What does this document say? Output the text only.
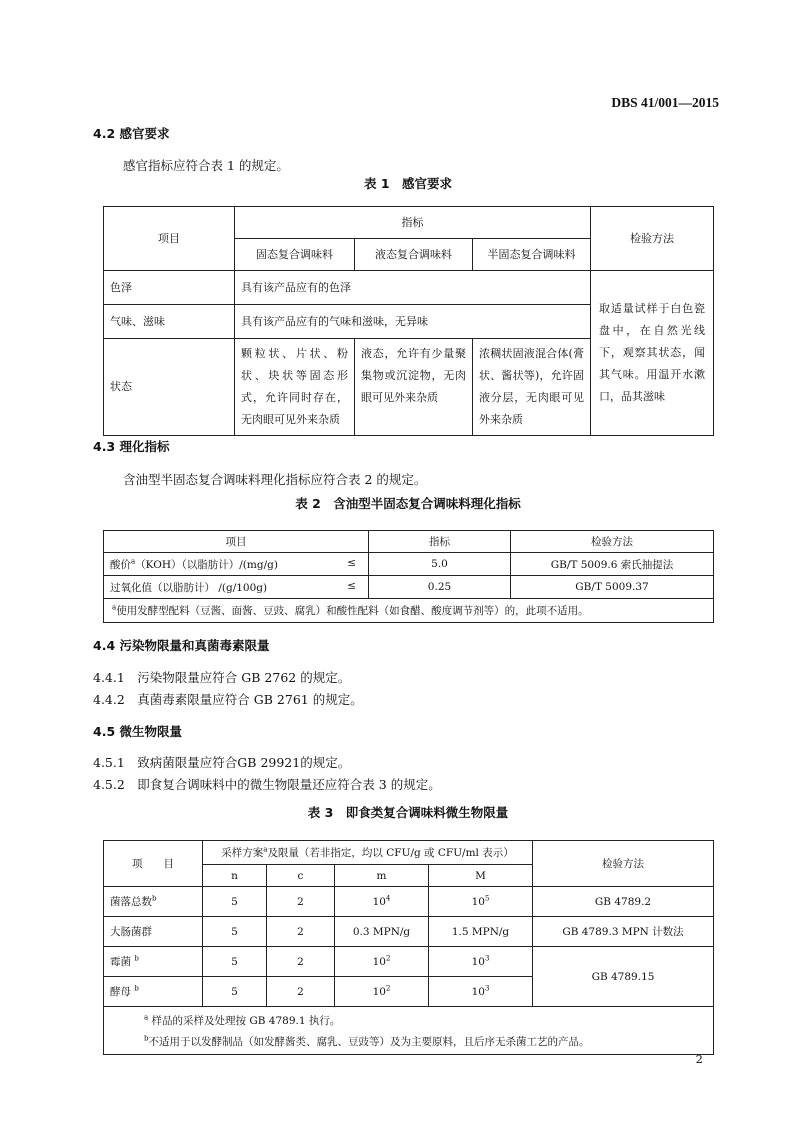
DBS 41/001—2015
4.2 感官要求
感官指标应符合表 1 的规定。
表 1　感官要求
项目	指标			检验方法
	固态复合调味料	液态复合调味料	半固态复合调味料	
色泽	具有该产品应有的色泽			取适量试样于白色瓷盘中，在自然光线下，观察其状态，闻其气味。用温开水漱口，品其滋味
气味、滋味	具有该产品应有的气味和滋味，无异味			
状态	颗粒状、片状、粉状、块状等固态形式，允许同时存在，无肉眼可见外来杂质	液态，允许有少量聚集物或沉淀物，无肉眼可见外来杂质	浓稠状固液混合体(膏状、酱状等)，允许固液分层，无肉眼可见外来杂质	
4.3 理化指标
含油型半固态复合调味料理化指标应符合表 2 的规定。
表 2　含油型半固态复合调味料理化指标
项目	指标	检验方法
酸价$^a$（KOH）（以脂肪计）/(mg/g) ≤	5.0	GB/T 5009.6 索氏抽提法
过氧化值（以脂肪计） /(g/100g) ≤	0.25	GB/T 5009.37
$^a$使用发酵型配料（豆酱、面酱、豆豉、腐乳）和酸性配料（如食醋、酸度调节剂等）的，此项不适用。		
4.4 污染物限量和真菌毒素限量
4.4.1　污染物限量应符合 GB 2762 的规定。
4.4.2　真菌毒素限量应符合 GB 2761 的规定。
4.5 微生物限量
4.5.1　致病菌限量应符合GB 29921的规定。
4.5.2　即食复合调味料中的微生物限量还应符合表 3 的规定。
表 3　即食类复合调味料微生物限量
项　　目	采样方案$^a$及限量（若非指定，均以 CFU/g 或 CFU/ml 表示）				检验方法
	n	c	m	M	
菌落总数$^b$	5	2	$10^4$	$10^5$	GB 4789.2
大肠菌群	5	2	0.3 MPN/g	1.5 MPN/g	GB 4789.3 MPN 计数法
霉菌 $^b$	5	2	$10^2$	$10^3$	GB 4789.15
酵母 $^b$	5	2	$10^2$	$10^3$

$^a$ 样品的采样及处理按 GB 4789.1 执行。
$^b$不适用于以发酵制品（如发酵酱类、腐乳、豆豉等）及为主要原料，且后序无杀菌工艺的产品。					
2
